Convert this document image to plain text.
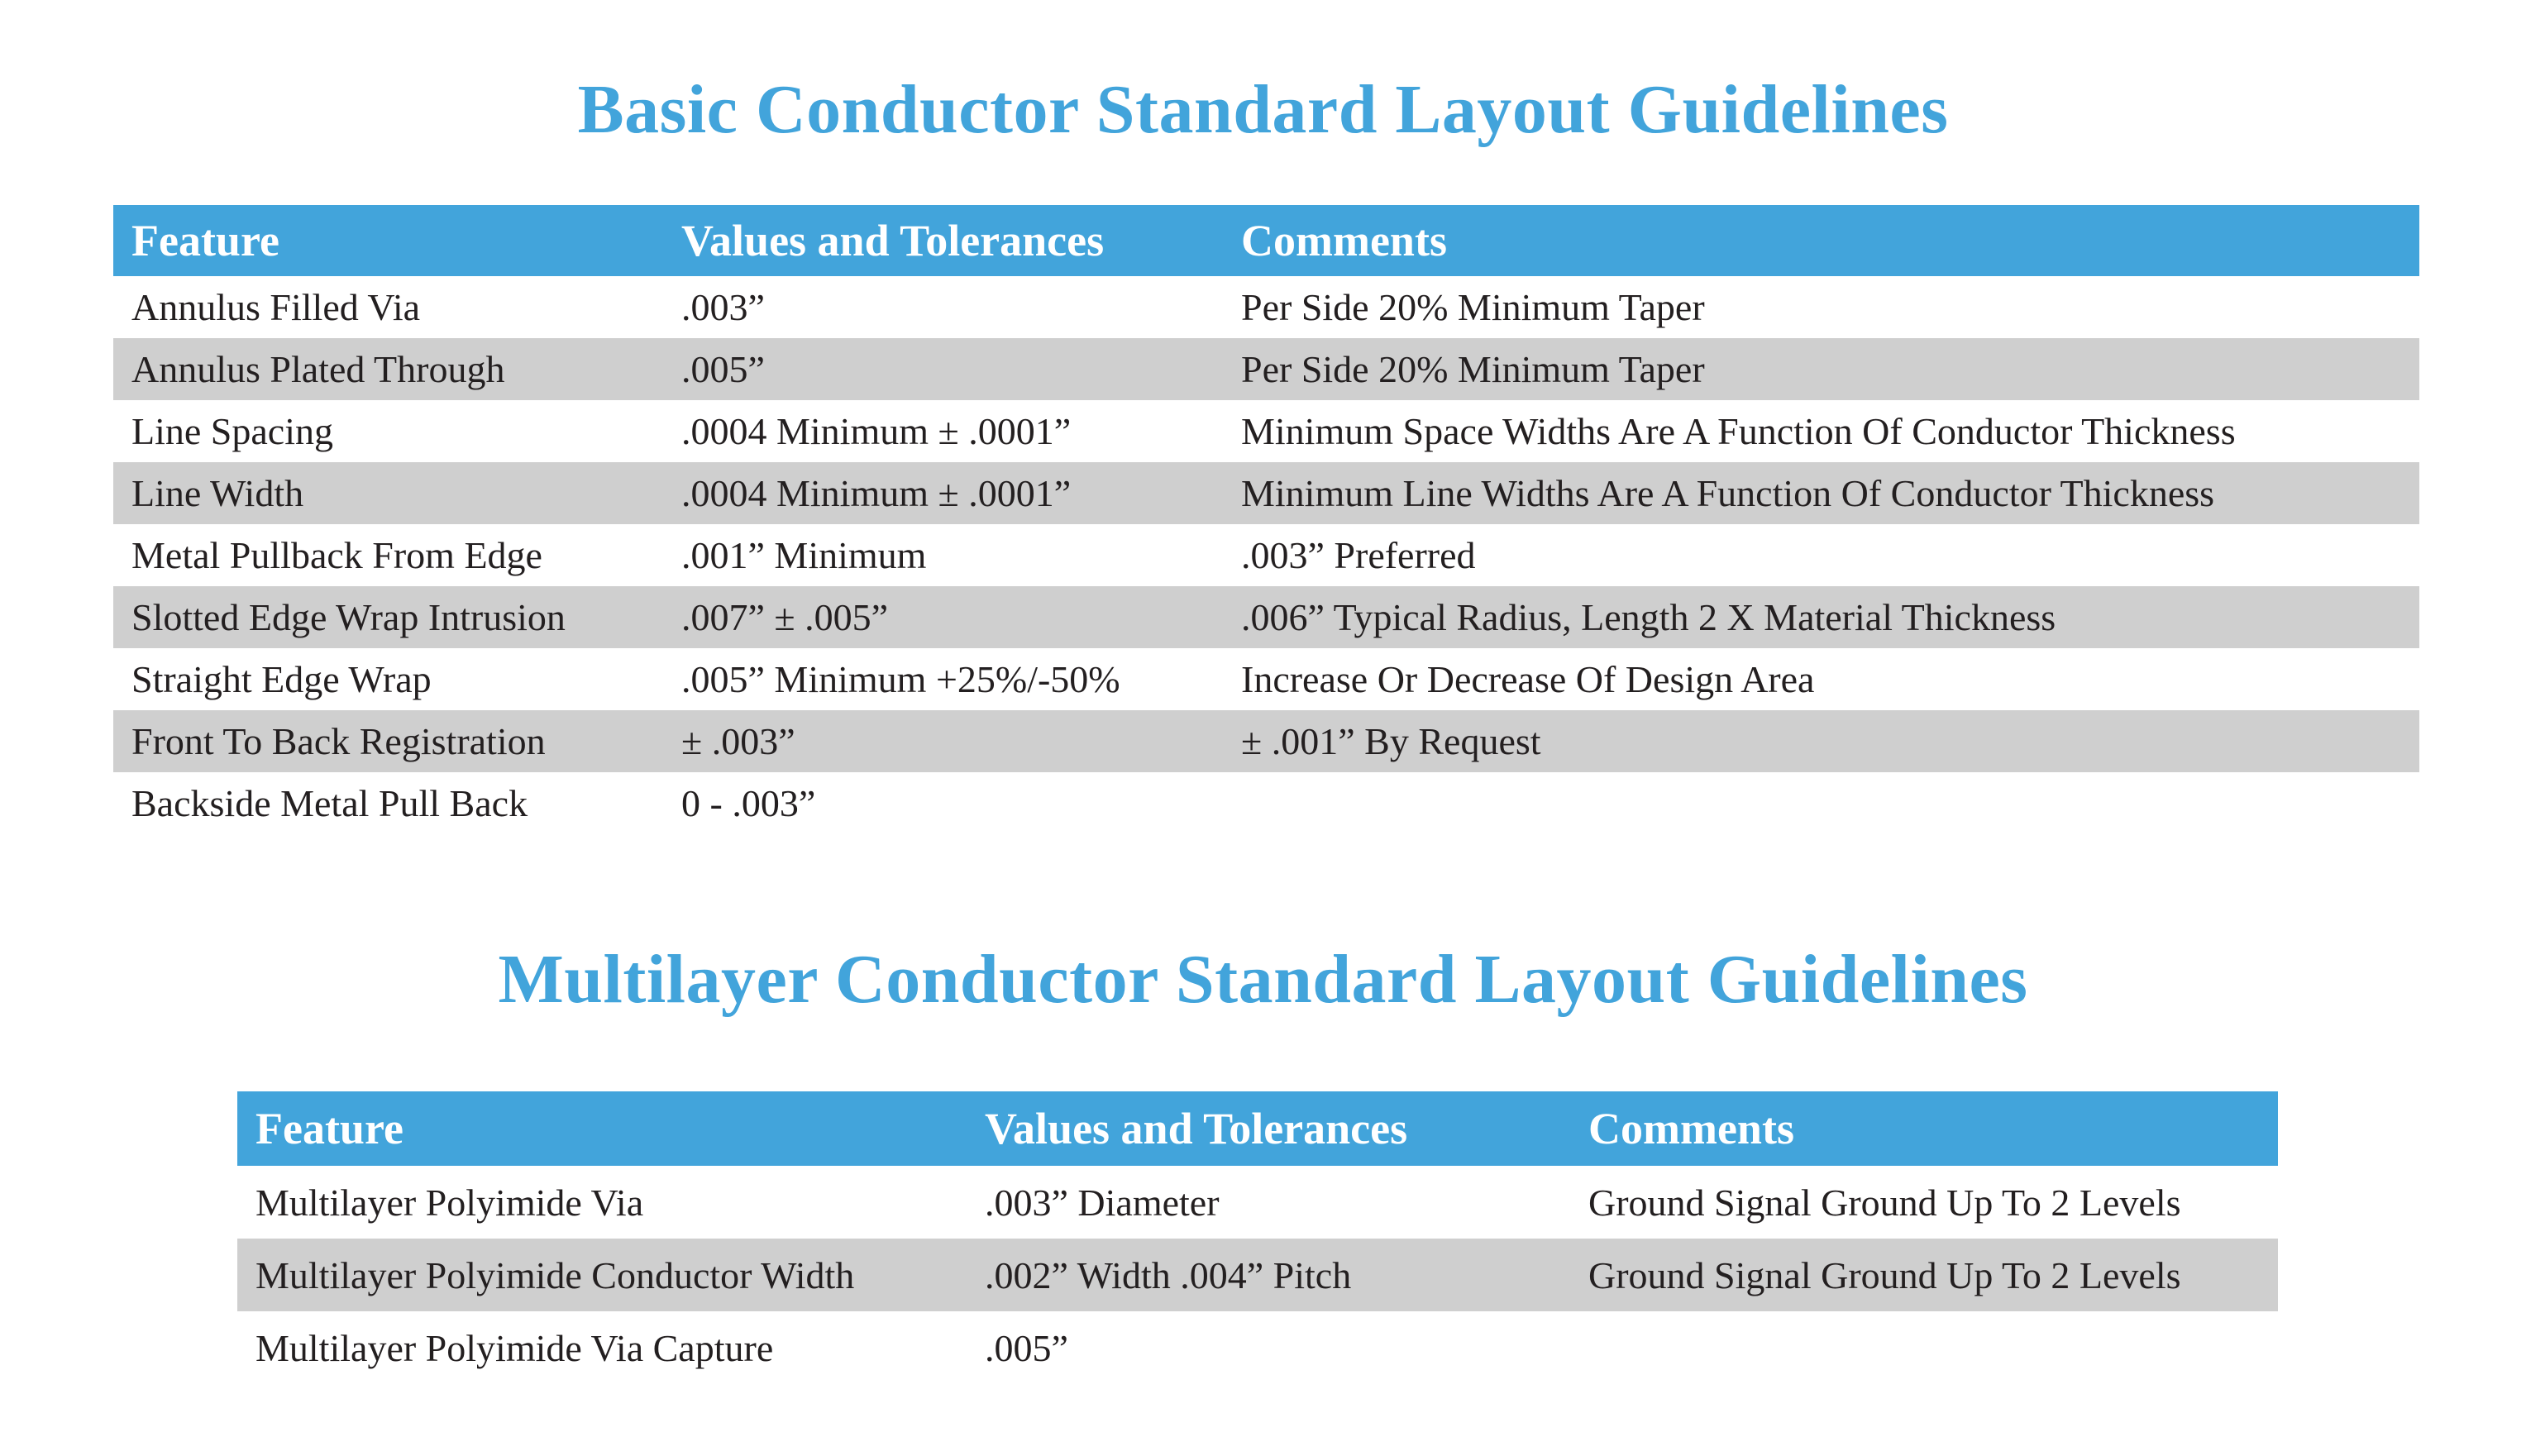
Basic Conductor Standard Layout Guidelines
Feature	Values and Tolerances	Comments
Annulus Filled Via	.003”	Per Side 20% Minimum Taper
Annulus Plated Through	.005”	Per Side 20% Minimum Taper
Line Spacing	.0004 Minimum ± .0001”	Minimum Space Widths Are A Function Of Conductor Thickness
Line Width	.0004 Minimum ± .0001”	Minimum Line Widths Are A Function Of Conductor Thickness
Metal Pullback From Edge	.001” Minimum	.003” Preferred
Slotted Edge Wrap Intrusion	.007” ± .005”	.006” Typical Radius, Length 2 X Material Thickness
Straight Edge Wrap	.005” Minimum +25%/-50%	Increase Or Decrease Of Design Area
Front To Back Registration	± .003”	± .001” By Request
Backside Metal Pull Back	0 - .003”	
Multilayer Conductor Standard Layout Guidelines
Feature	Values and Tolerances	Comments
Multilayer Polyimide Via	.003” Diameter	Ground Signal Ground Up To 2 Levels
Multilayer Polyimide Conductor Width	.002” Width .004” Pitch	Ground Signal Ground Up To 2 Levels
Multilayer Polyimide Via Capture	.005”	
